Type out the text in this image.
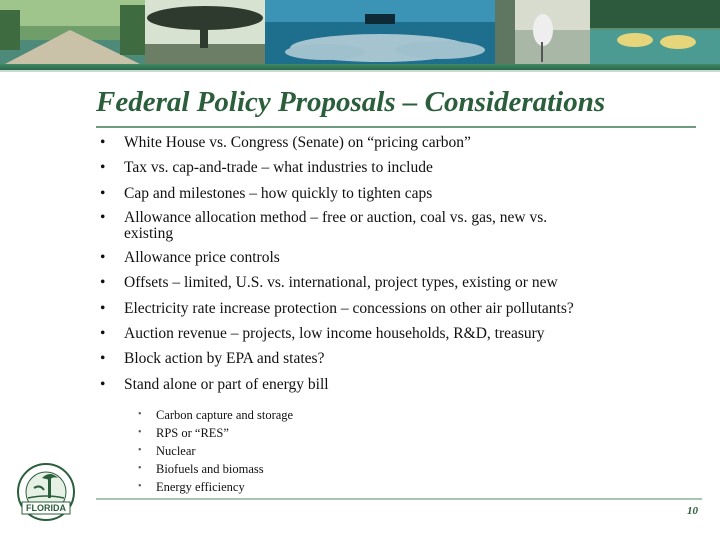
Federal Policy Proposals – Considerations
• White House vs. Congress (Senate) on “pricing carbon”
• Tax vs. cap-and-trade – what industries to include
• Cap and milestones – how quickly to tighten caps
• Allowance allocation method – free or auction, coal vs. gas, new vs. existing
• Allowance price controls
• Offsets – limited, U.S. vs. international, project types, existing or new
• Electricity rate increase protection – concessions on other air pollutants?
• Auction revenue – projects, low income households, R&D, treasury
• Block action by EPA and states?
• Stand alone or part of energy bill
• Carbon capture and storage
• RPS or “RES”
• Nuclear
• Biofuels and biomass
• Energy efficiency
FLORIDA	10
